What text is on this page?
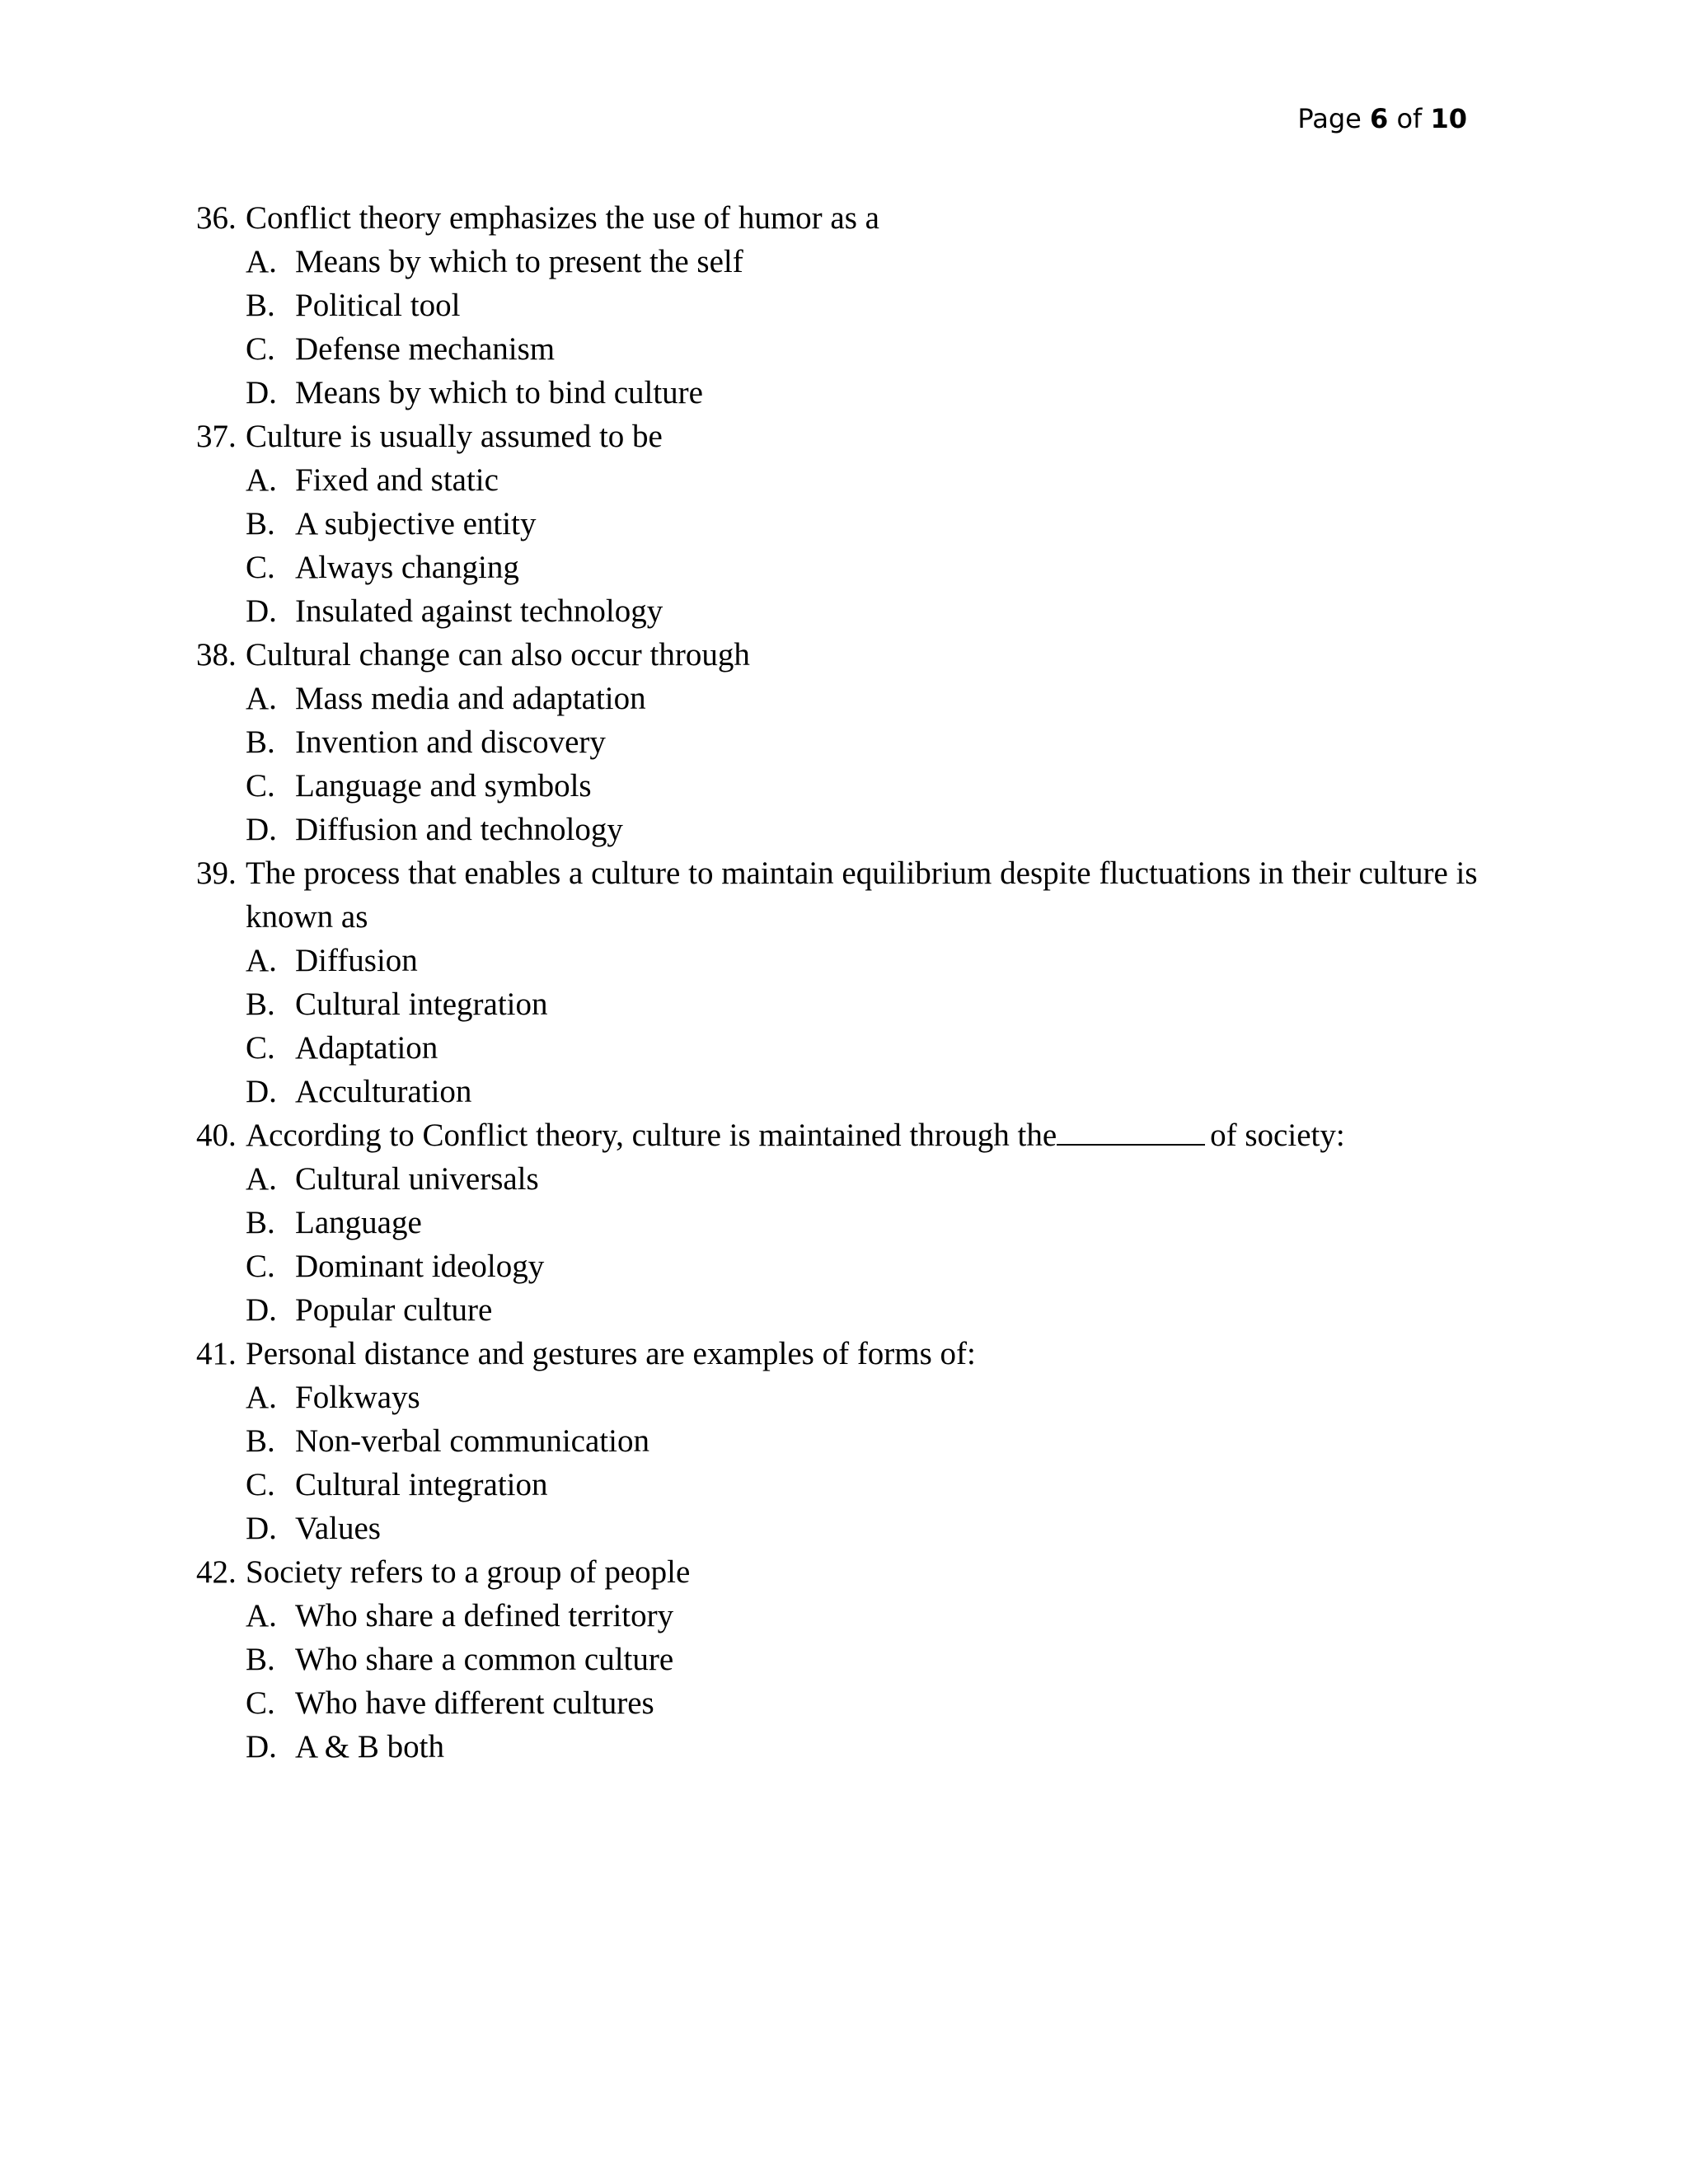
Page 6 of 10
36. Conflict theory emphasizes the use of humor as a
A. Means by which to present the self
B. Political tool
C. Defense mechanism
D. Means by which to bind culture
37. Culture is usually assumed to be
A. Fixed and static
B. A subjective entity
C. Always changing
D. Insulated against technology
38. Cultural change can also occur through
A. Mass media and adaptation
B. Invention and discovery
C. Language and symbols
D. Diffusion and technology
39. The process that enables a culture to maintain equilibrium despite fluctuations in their culture is known as
A. Diffusion
B. Cultural integration
C. Adaptation
D. Acculturation
40. According to Conflict theory, culture is maintained through the	of society:
A. Cultural universals
B. Language
C. Dominant ideology
D. Popular culture
41. Personal distance and gestures are examples of forms of:
A. Folkways
B. Non-verbal communication
C. Cultural integration
D. Values
42. Society refers to a group of people
A. Who share a defined territory
B. Who share a common culture
C. Who have different cultures
D. A & B both
